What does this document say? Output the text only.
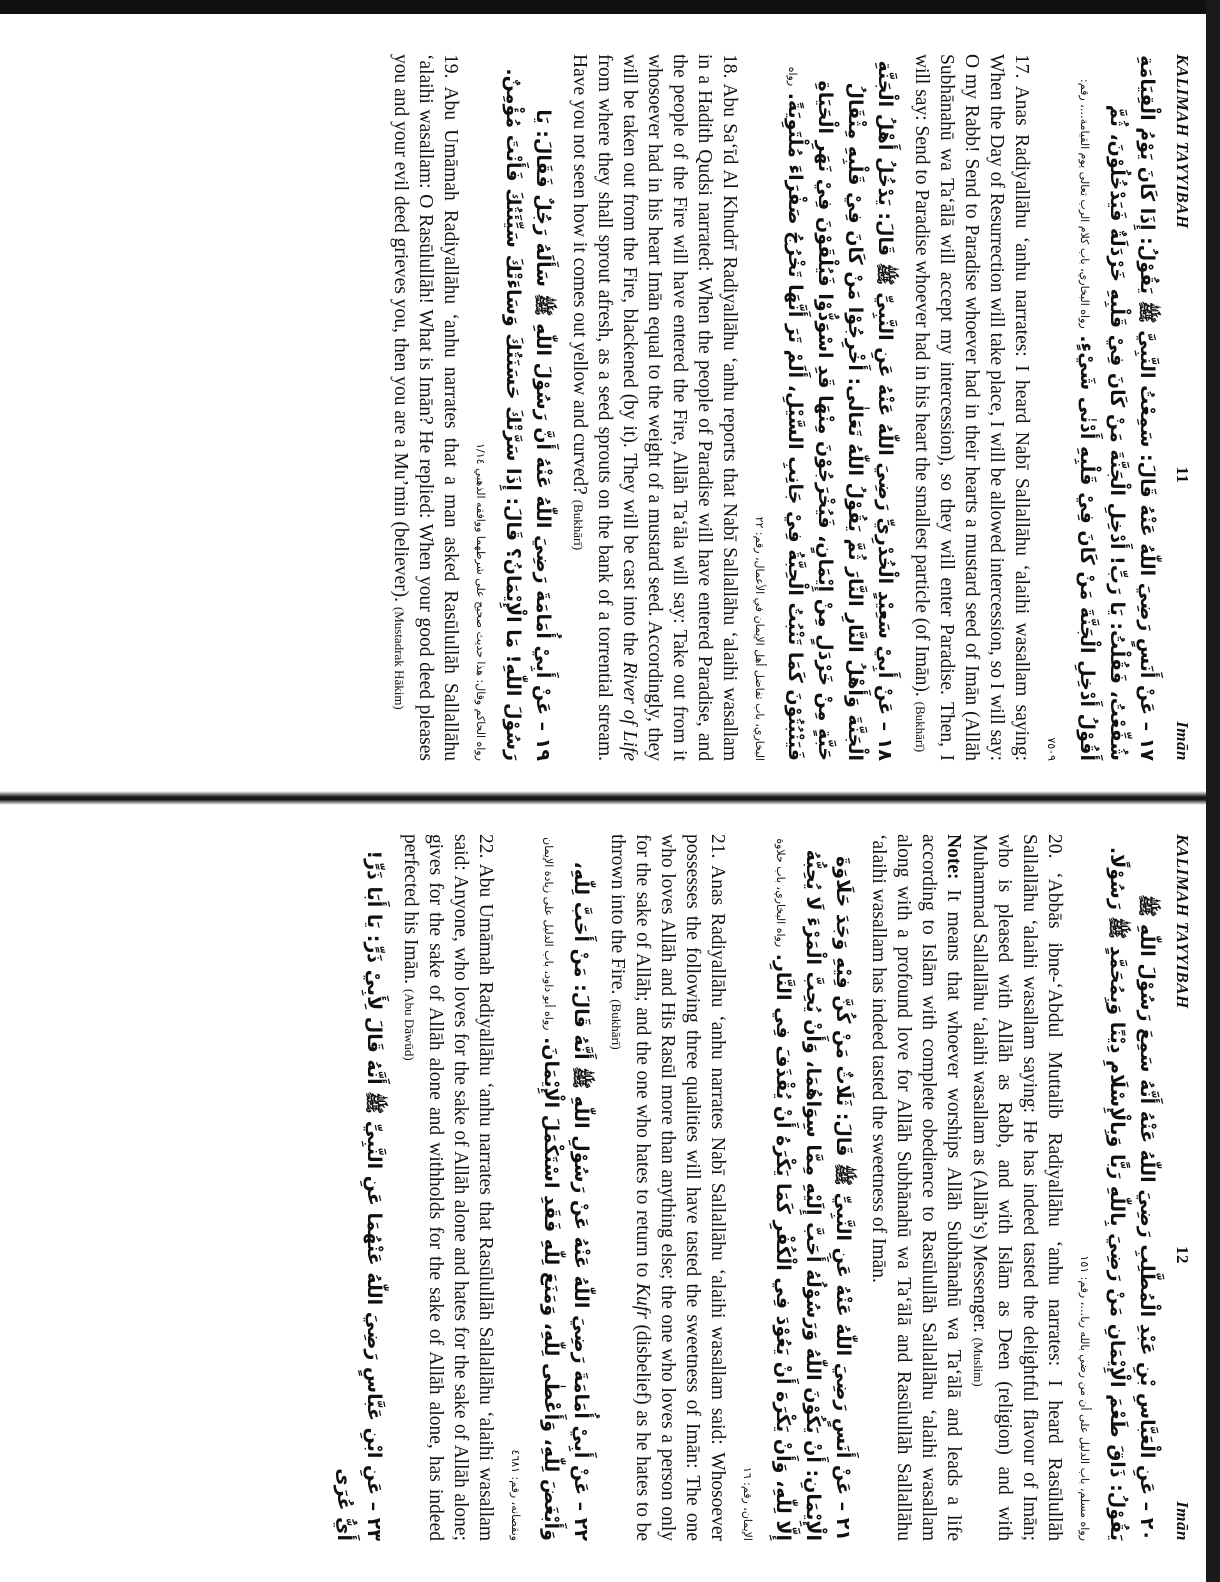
KALIMAH TAYYIBAH
11
Imān

١٧ – عَنْ أَنَسٍ رَضِيَ اللّٰهُ عَنْهُ قَالَ: سَمِعْتُ النَّبِيَّ ﷺ يَقُوْلُ: إِذَا كَانَ يَوْمُ الْقِيَامَةِ شُفِّعْتُ، فَقُلْتُ: يَا رَبِّ! أَدْخِلِ الْجَنَّةَ مَنْ كَانَ فِيْ قَلْبِهِ خَرْدَلَةٌ فَيَدْخُلُوْنَ، ثُمَّ أَقُوْلُ أَدْخِلِ الْجَنَّةَ مَنْ كَانَ فِيْ قَلْبِهِ أَدْنٰى شَيْءٍ. رواه البخاري، باب كلام الرب تعالى يوم القيامة…، رقم: ٧٥٠٩

17. Anas Radiyallāhu ‘anhu narrates: I heard Nabī Sallallāhu ‘alaihi wasallam saying: When the Day of Resurrection will take place, I will be allowed intercession, so I will say: O my Rabb! Send to Paradise whoever had in their hearts a mustard seed of Imān (Allāh Subhānahū wa Ta‘ālā will accept my intercession), so they will enter Paradise. Then, I will say: Send to Paradise whoever had in his heart the smallest particle (of Imān). (Bukhārī)

١٨ – عَنْ أَبِيْ سَعِيْدٍ الْخُدْرِيِّ رَضِيَ اللّٰهُ عَنْهُ عَنِ النَّبِيِّ ﷺ قَالَ: يَدْخُلُ أَهْلُ الْجَنَّةِ الْجَنَّةَ وَأَهْلُ النَّارِ النَّارَ ثُمَّ يَقُوْلُ اللّٰهُ تَعَالٰى: أَخْرِجُوْا مَنْ كَانَ فِيْ قَلْبِهِ مِثْقَالُ حَبَّةٍ مِنْ خَرْدَلٍ مِنْ إِيْمَانٍ، فَيُخْرَجُوْنَ مِنْهَا قَدِ اسْوَدُّوْا فَيُلْقَوْنَ فِيْ نَهَرِ الْحَيَاةِ فَيَنْبُتُوْنَ كَمَا تَنْبُتُ الْحِبَّةُ فِيْ جَانِبِ السَّيْلِ، أَلَمْ تَرَ أَنَّهَا تَخْرُجُ صَفْرَاءَ مُلْتَوِيَةً. رواه البخاري، باب تفاضل أهل الإيمان في الأعمال، رقم: ٢٢

18. Abu Sa‘īd Al Khudrī Radiyallāhu ‘anhu reports that Nabī Sallallāhu ‘alaihi wasallam in a Hadith Qudsi narrated: When the people of Paradise will have entered Paradise, and the people of the Fire will have entered the Fire, Allāh Ta‘āla will say: Take out from it whosoever had in his heart Imān equal to the weight of a mustard seed. Accordingly, they will be taken out from the Fire, blackened (by it). They will be cast into the River of Life from where they shall sprout afresh, as a seed sprouts on the bank of a torrential stream. Have you not seen how it comes out yellow and curved? (Bukhārī)

١٩ – عَنْ أَبِيْ أُمَامَةَ رَضِيَ اللّٰهُ عَنْهُ أَنَّ رَسُوْلَ اللّٰهِ ﷺ سَأَلَهُ رَجُلٌ فَقَالَ: يَا رَسُوْلَ اللّٰهِ! مَا الْإِيْمَانُ؟ قَالَ: إِذَا سَرَّتْكَ حَسَنَتُكَ وَسَاءَتْكَ سَيِّئَتُكَ فَأَنْتَ مُؤْمِنٌ. رواه الحاكم وقال: هذا حديث صحيح على شرطهما ووافقه الذهبي ١/١٤

19. Abu Umāmah Radiyallāhu ‘anhu narrates that a man asked Rasūlullāh Sallallāhu ‘alaihi wasallam: O Rasūlullāh! What is Imān? He replied: When your good deed pleases you and your evil deed grieves you, then you are a Mu’min (believer). (Mustadrak Hākim)

KALIMAH TAYYIBAH
12
Imān

٢٠ – عَنِ الْعَبَّاسِ بْنِ عَبْدِ الْمُطَّلِبِ رَضِيَ اللّٰهُ عَنْهُ أَنَّهُ سَمِعَ رَسُوْلَ اللّٰهِ ﷺ يَقُوْلُ: ذَاقَ طَعْمَ الْإِيْمَانِ مَنْ رَضِيَ بِاللّٰهِ رَبًّا وَبِالْإِسْلَامِ دِيْنًا وَبِمُحَمَّدٍ ﷺ رَسُوْلًا. رواه مسلم، باب الدليل على أن من رضي بالله ربا…، رقم: ١٥١

20. ‘Abbās ibne-‘Abdul Muttalib Radiyallāhu ‘anhu narrates: I heard Rasūlullāh Sallallāhu ‘alaihi wasallam saying: He has indeed tasted the delightful flavour of Imān; who is pleased with Allāh as Rabb, and with Islām as Deen (religion) and with Muhammad Sallallāhu ‘alaihi wasallam as (Allāh’s) Messenger. (Muslim)
Note: It means that whoever worships Allāh Subhānahū wa Ta‘ālā and leads a life according to Islām with complete obedience to Rasūlullāh Sallallāhu ‘alaihi wasallam along with a profound love for Allāh Subhānahū wa Ta‘ālā and Rasūlullāh Sallallāhu ‘alaihi wasallam has indeed tasted the sweetness of Imān.

٢١ – عَنْ أَنَسٍ رَضِيَ اللّٰهُ عَنْهُ عَنِ النَّبِيِّ ﷺ قَالَ: ثَلَاثٌ مَنْ كُنَّ فِيْهِ وَجَدَ حَلَاوَةَ الْإِيْمَانِ: أَنْ يَكُوْنَ اللّٰهُ وَرَسُوْلُهُ أَحَبَّ إِلَيْهِ مِمَّا سِوَاهُمَا، وَأَنْ يُحِبَّ الْمَرْءَ لَا يُحِبُّهُ إِلَّا لِلّٰهِ، وَأَنْ يَكْرَهَ أَنْ يَعُوْدَ فِي الْكُفْرِ كَمَا يَكْرَهُ أَنْ يُقْذَفَ فِي النَّارِ. رواه البخاري، باب حلاوة الإيمان، رقم: ١٦

21. Anas Radiyallāhu ‘anhu narrates Nabī Sallallāhu ‘alaihi wasallam said: Whosoever possesses the following three qualities will have tasted the sweetness of Imān: The one who loves Allāh and His Rasūl more than anything else; the one who loves a person only for the sake of Allāh; and the one who hates to return to Kufr (disbelief) as he hates to be thrown into the Fire. (Bukhārī)

٢٢ – عَنْ أَبِيْ أُمَامَةَ رَضِيَ اللّٰهُ عَنْهُ عَنْ رَسُوْلِ اللّٰهِ ﷺ أَنَّهُ قَالَ: مَنْ أَحَبَّ لِلّٰهِ، وَأَبْغَضَ لِلّٰهِ، وَأَعْطٰى لِلّٰهِ، وَمَنَعَ لِلّٰهِ فَقَدِ اسْتَكْمَلَ الْإِيْمَانَ. رواه أبو داود، باب الدليل على زيادة الإيمان ونقصانه، رقم: ٤٦٨١

22. Abu Umāmah Radiyallāhu ‘anhu narrates that Rasūlullāh Sallallāhu ‘alaihi wasallam said: Anyone, who loves for the sake of Allāh alone and hates for the sake of Allāh alone; gives for the sake of Allāh alone and withholds for the sake of Allāh alone, has indeed perfected his Imān. (Abu Dāwūd)

٢٣ – عَنِ ابْنِ عَبَّاسٍ رَضِيَ اللّٰهُ عَنْهُمَا عَنِ النَّبِيِّ ﷺ أَنَّهُ قَالَ لِأَبِيْ ذَرٍّ: يَا أَبَا ذَرٍّ! أَيُّ عُرَى
